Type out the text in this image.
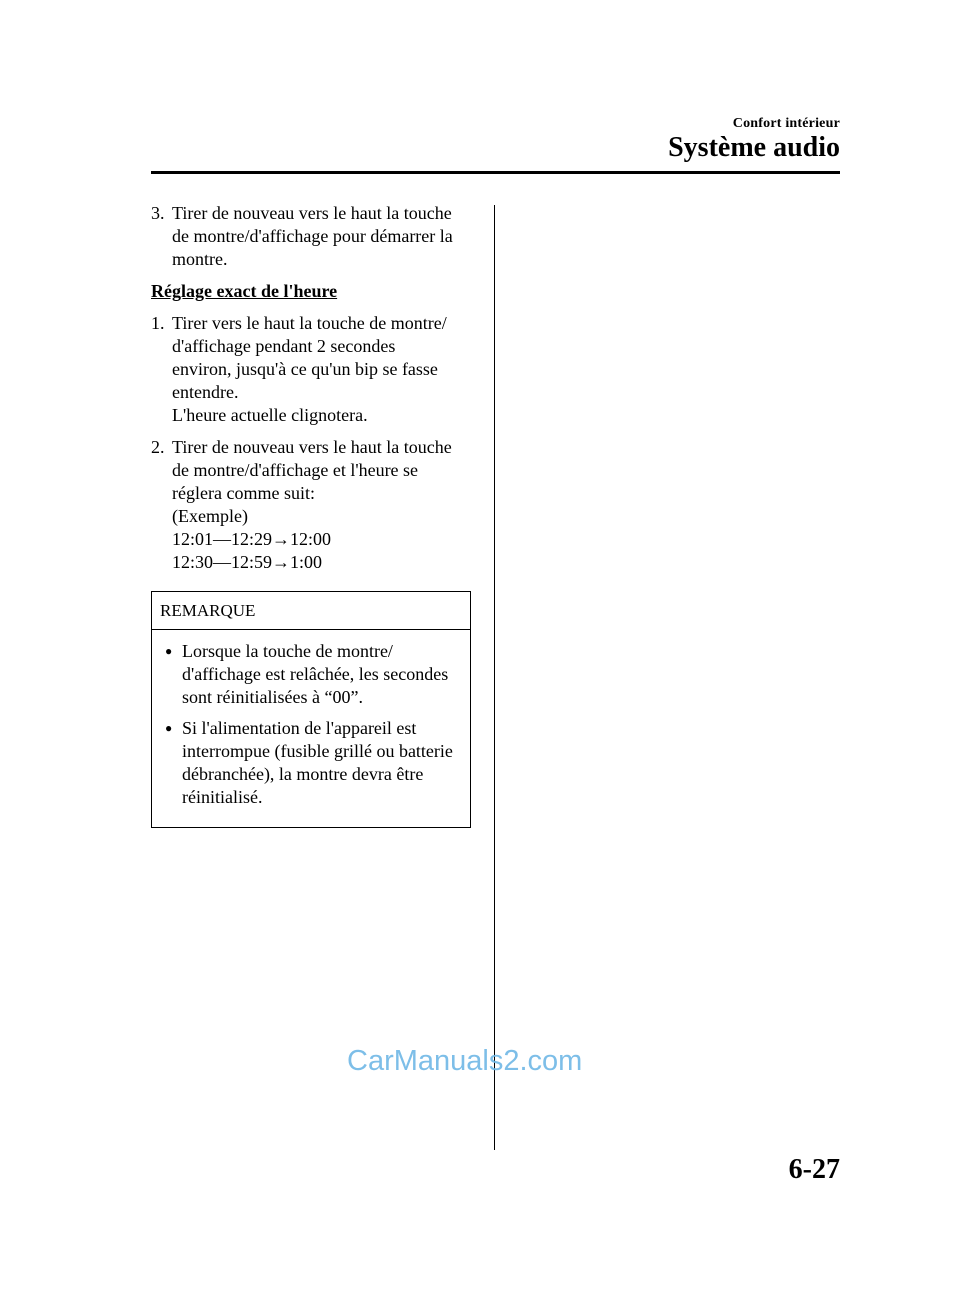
Confort intérieur
Système audio
3. Tirer de nouveau vers le haut la touche
de montre/d'affichage pour démarrer la
montre.
Réglage exact de l'heure
1. Tirer vers le haut la touche de montre/
d'affichage pendant 2 secondes
environ, jusqu'à ce qu'un bip se fasse
entendre.
L'heure actuelle clignotera.
2. Tirer de nouveau vers le haut la touche
de montre/d'affichage et l'heure se
réglera comme suit:
(Exemple)
12:01―12:29→12:00
12:30―12:59→1:00
REMARQUE
● Lorsque la touche de montre/
d'affichage est relâchée, les secondes
sont réinitialisées à “00”.
● Si l'alimentation de l'appareil est
interrompue (fusible grillé ou batterie
débranchée), la montre devra être
réinitialisé.
CarManuals2.com
6-27
